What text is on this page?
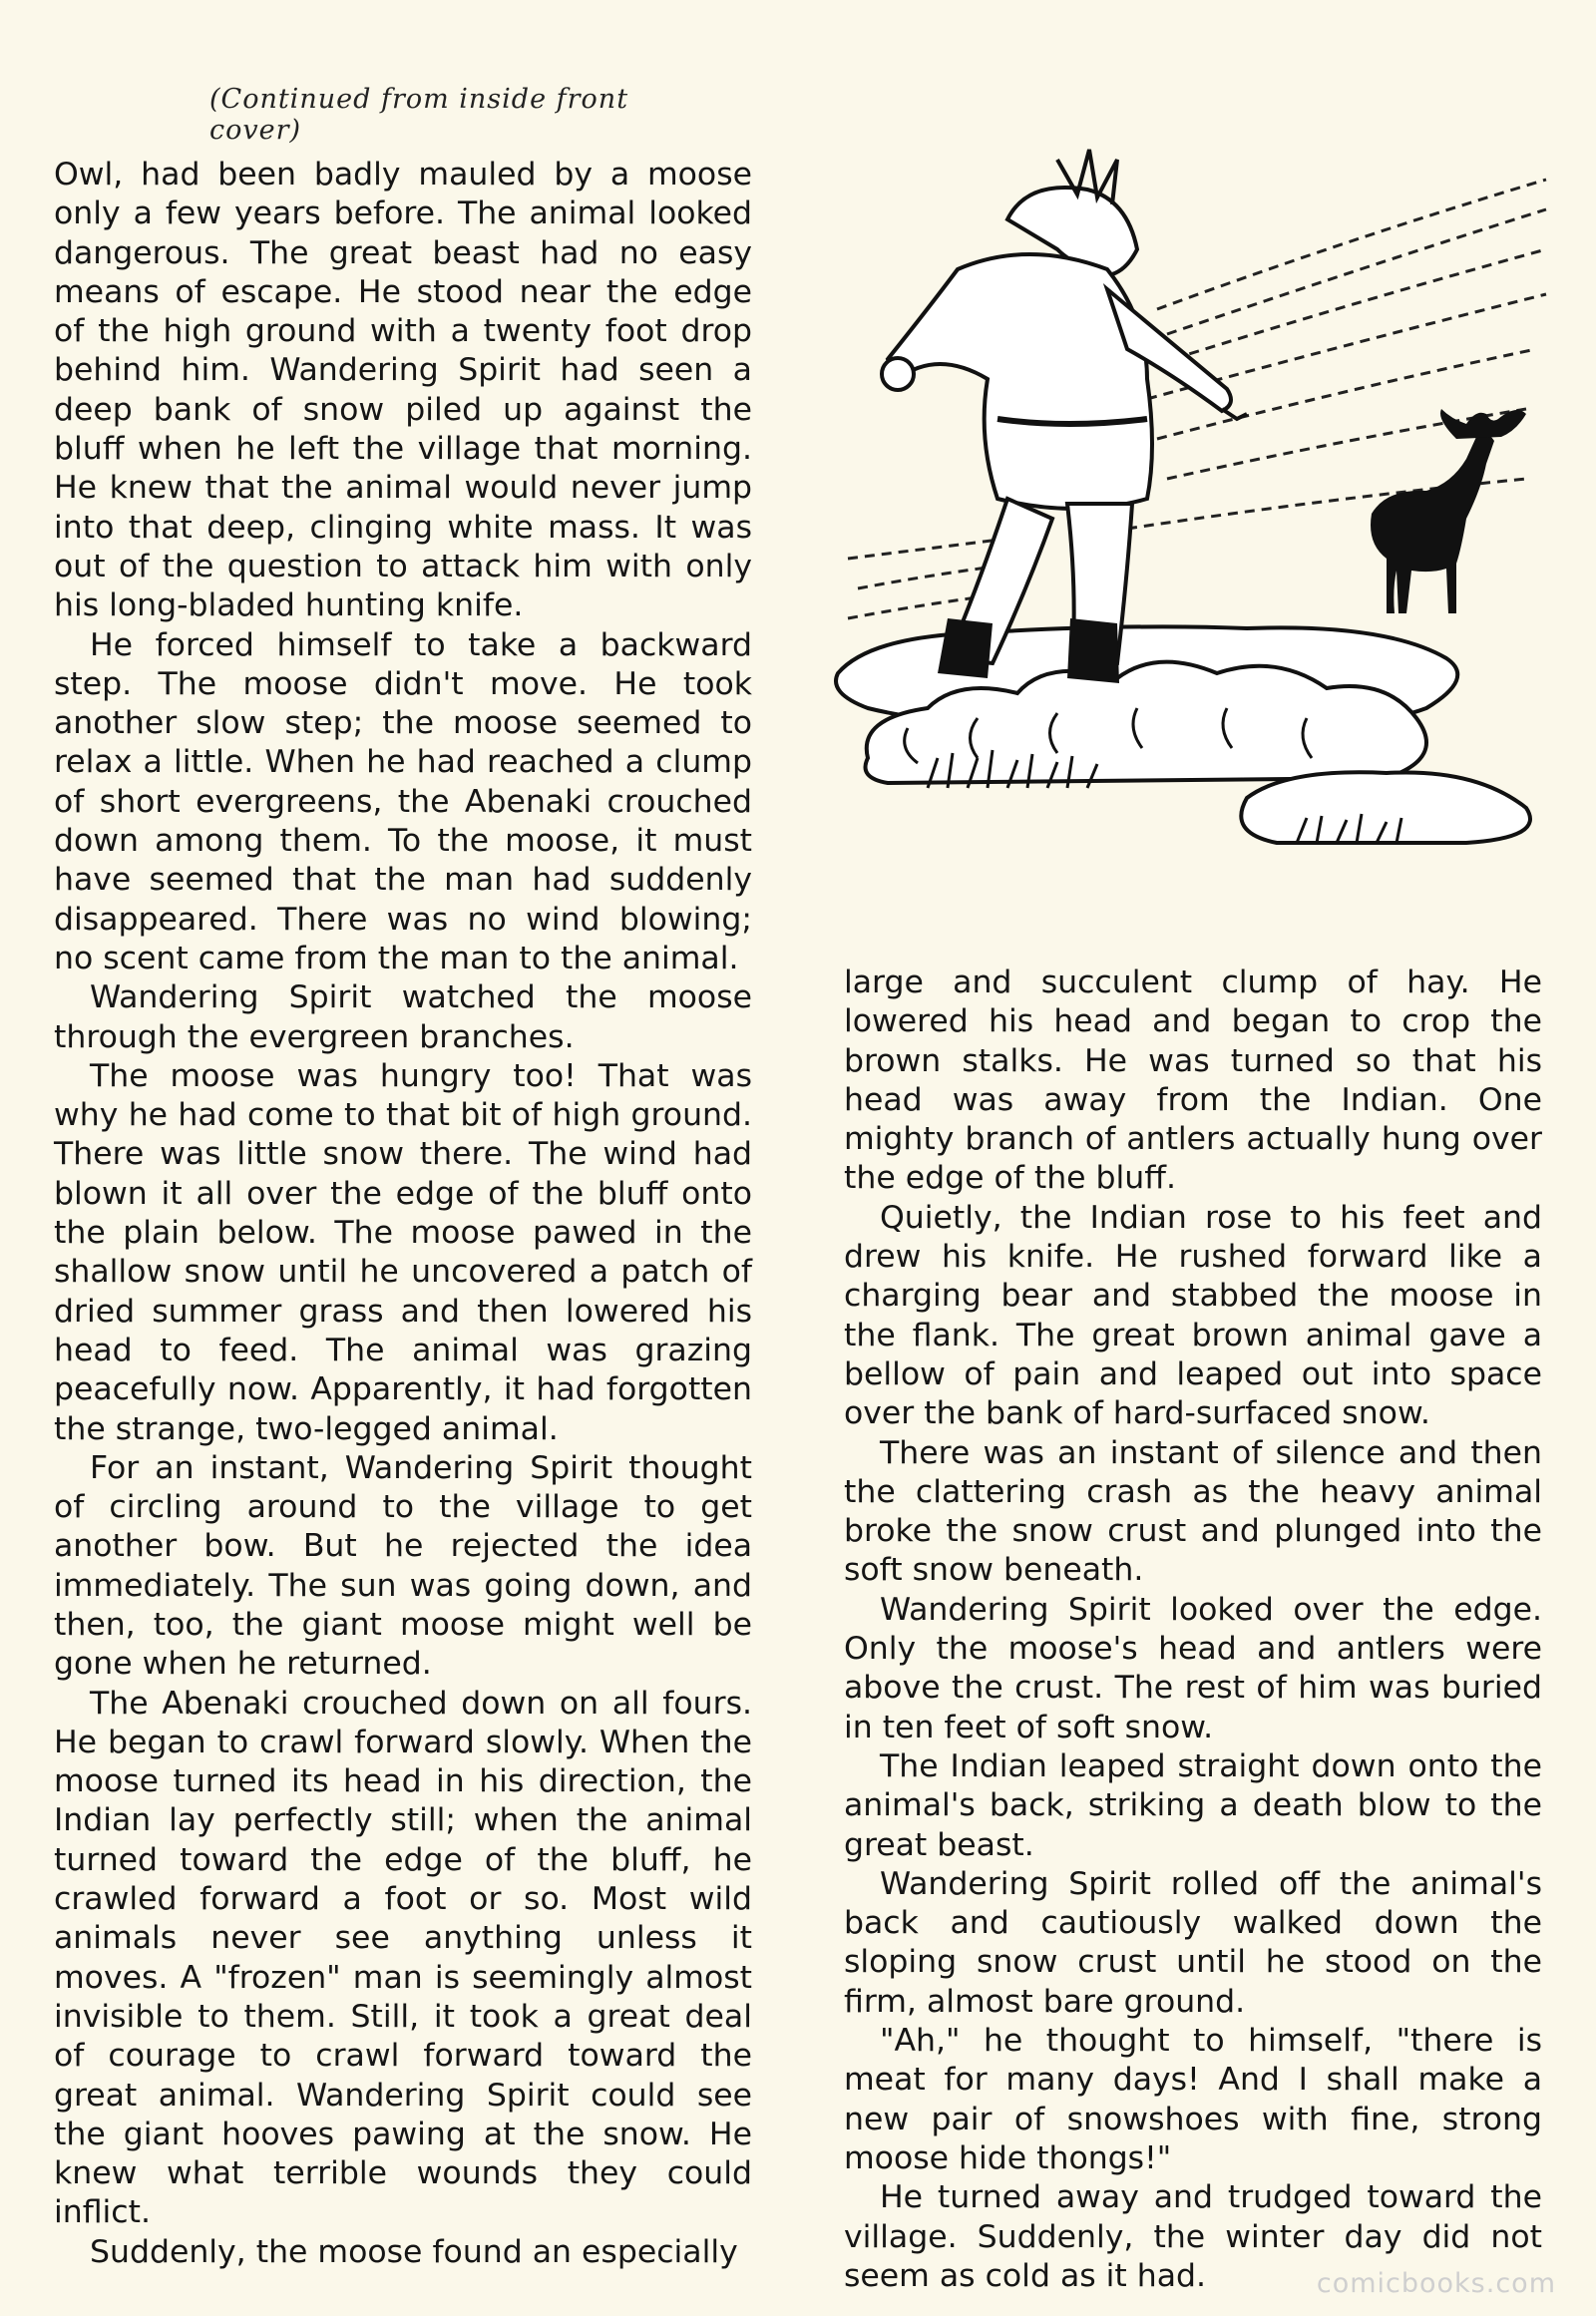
(Continued from inside front cover)

Owl, had been badly mauled by a moose only a few years before. The animal looked dangerous. The great beast had no easy means of escape. He stood near the edge of the high ground with a twenty foot drop behind him. Wandering Spirit had seen a deep bank of snow piled up against the bluff when he left the village that morning. He knew that the animal would never jump into that deep, clinging white mass. It was out of the question to attack him with only his long-bladed hunting knife.

He forced himself to take a backward step. The moose didn't move. He took another slow step; the moose seemed to relax a little. When he had reached a clump of short evergreens, the Abenaki crouched down among them. To the moose, it must have seemed that the man had suddenly disappeared. There was no wind blowing; no scent came from the man to the animal.

Wandering Spirit watched the moose through the evergreen branches.

The moose was hungry too! That was why he had come to that bit of high ground. There was little snow there. The wind had blown it all over the edge of the bluff onto the plain below. The moose pawed in the shallow snow until he uncovered a patch of dried summer grass and then lowered his head to feed. The animal was grazing peacefully now. Apparently, it had forgotten the strange, two-legged animal.

For an instant, Wandering Spirit thought of circling around to the village to get another bow. But he rejected the idea immediately. The sun was going down, and then, too, the giant moose might well be gone when he returned.

The Abenaki crouched down on all fours. He began to crawl forward slowly. When the moose turned its head in his direction, the Indian lay perfectly still; when the animal turned toward the edge of the bluff, he crawled forward a foot or so. Most wild animals never see anything unless it moves. A "frozen" man is seemingly almost invisible to them. Still, it took a great deal of courage to crawl forward toward the great animal. Wandering Spirit could see the giant hooves pawing at the snow. He knew what terrible wounds they could inflict.

Suddenly, the moose found an especially

large and succulent clump of hay. He lowered his head and began to crop the brown stalks. He was turned so that his head was away from the Indian. One mighty branch of antlers actually hung over the edge of the bluff.

Quietly, the Indian rose to his feet and drew his knife. He rushed forward like a charging bear and stabbed the moose in the flank. The great brown animal gave a bellow of pain and leaped out into space over the bank of hard-surfaced snow.

There was an instant of silence and then the clattering crash as the heavy animal broke the snow crust and plunged into the soft snow beneath.

Wandering Spirit looked over the edge. Only the moose's head and antlers were above the crust. The rest of him was buried in ten feet of soft snow.

The Indian leaped straight down onto the animal's back, striking a death blow to the great beast.

Wandering Spirit rolled off the animal's back and cautiously walked down the sloping snow crust until he stood on the firm, almost bare ground.

"Ah," he thought to himself, "there is meat for many days! And I shall make a new pair of snowshoes with fine, strong moose hide thongs!"

He turned away and trudged toward the village. Suddenly, the winter day did not seem as cold as it had.	comicbooks.com
